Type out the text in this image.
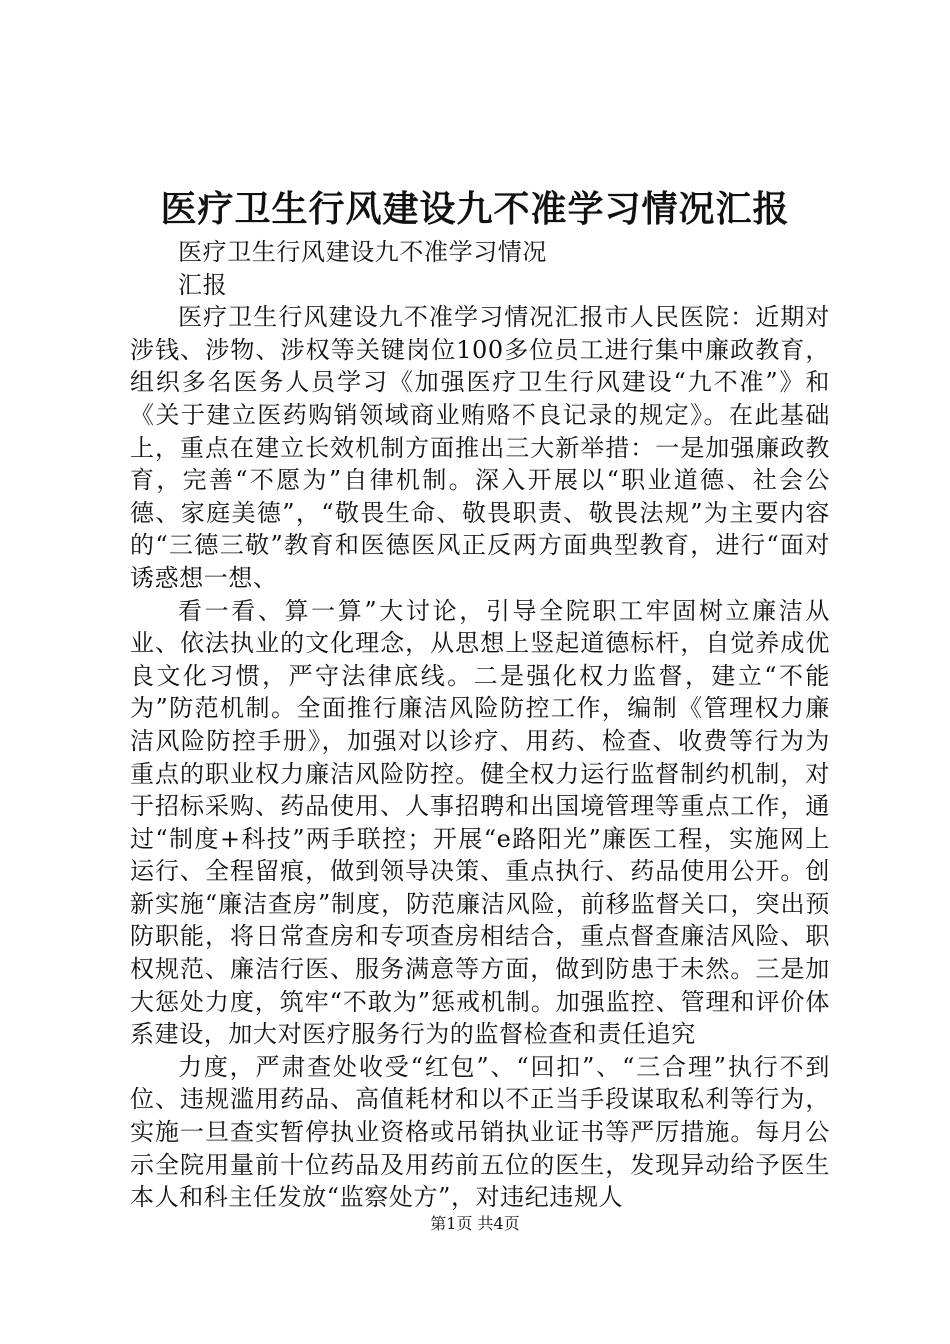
医疗卫生行风建设九不准学习情况汇报

医疗卫生行风建设九不准学习情况

汇报

医疗卫生行风建设九不准学习情况汇报市人民医院：近期对涉钱、涉物、涉权等关键岗位100多位员工进行集中廉政教育，组织多名医务人员学习《加强医疗卫生行风建设“九不准”》和《关于建立医药购销领域商业贿赂不良记录的规定》。在此基础上，重点在建立长效机制方面推出三大新举措：一是加强廉政教育，完善“不愿为”自律机制。深入开展以“职业道德、社会公德、家庭美德”，“敬畏生命、敬畏职责、敬畏法规”为主要内容的“三德三敬”教育和医德医风正反两方面典型教育，进行“面对诱惑想一想、

看一看、算一算”大讨论，引导全院职工牢固树立廉洁从业、依法执业的文化理念，从思想上竖起道德标杆，自觉养成优良文化习惯，严守法律底线。二是强化权力监督，建立“不能为”防范机制。全面推行廉洁风险防控工作，编制《管理权力廉洁风险防控手册》，加强对以诊疗、用药、检查、收费等行为为重点的职业权力廉洁风险防控。健全权力运行监督制约机制，对于招标采购、药品使用、人事招聘和出国境管理等重点工作，通过“制度+科技”两手联控；开展“e路阳光”廉医工程，实施网上运行、全程留痕，做到领导决策、重点执行、药品使用公开。创新实施“廉洁查房”制度，防范廉洁风险，前移监督关口，突出预防职能，将日常查房和专项查房相结合，重点督查廉洁风险、职权规范、廉洁行医、服务满意等方面，做到防患于未然。三是加大惩处力度，筑牢“不敢为”惩戒机制。加强监控、管理和评价体系建设，加大对医疗服务行为的监督检查和责任追究

力度，严肃查处收受“红包”、“回扣”、“三合理”执行不到位、违规滥用药品、高值耗材和以不正当手段谋取私利等行为，实施一旦查实暂停执业资格或吊销执业证书等严厉措施。每月公示全院用量前十位药品及用药前五位的医生，发现异动给予医生本人和科主任发放“监察处方”，对违纪违规人

第1页 共4页
